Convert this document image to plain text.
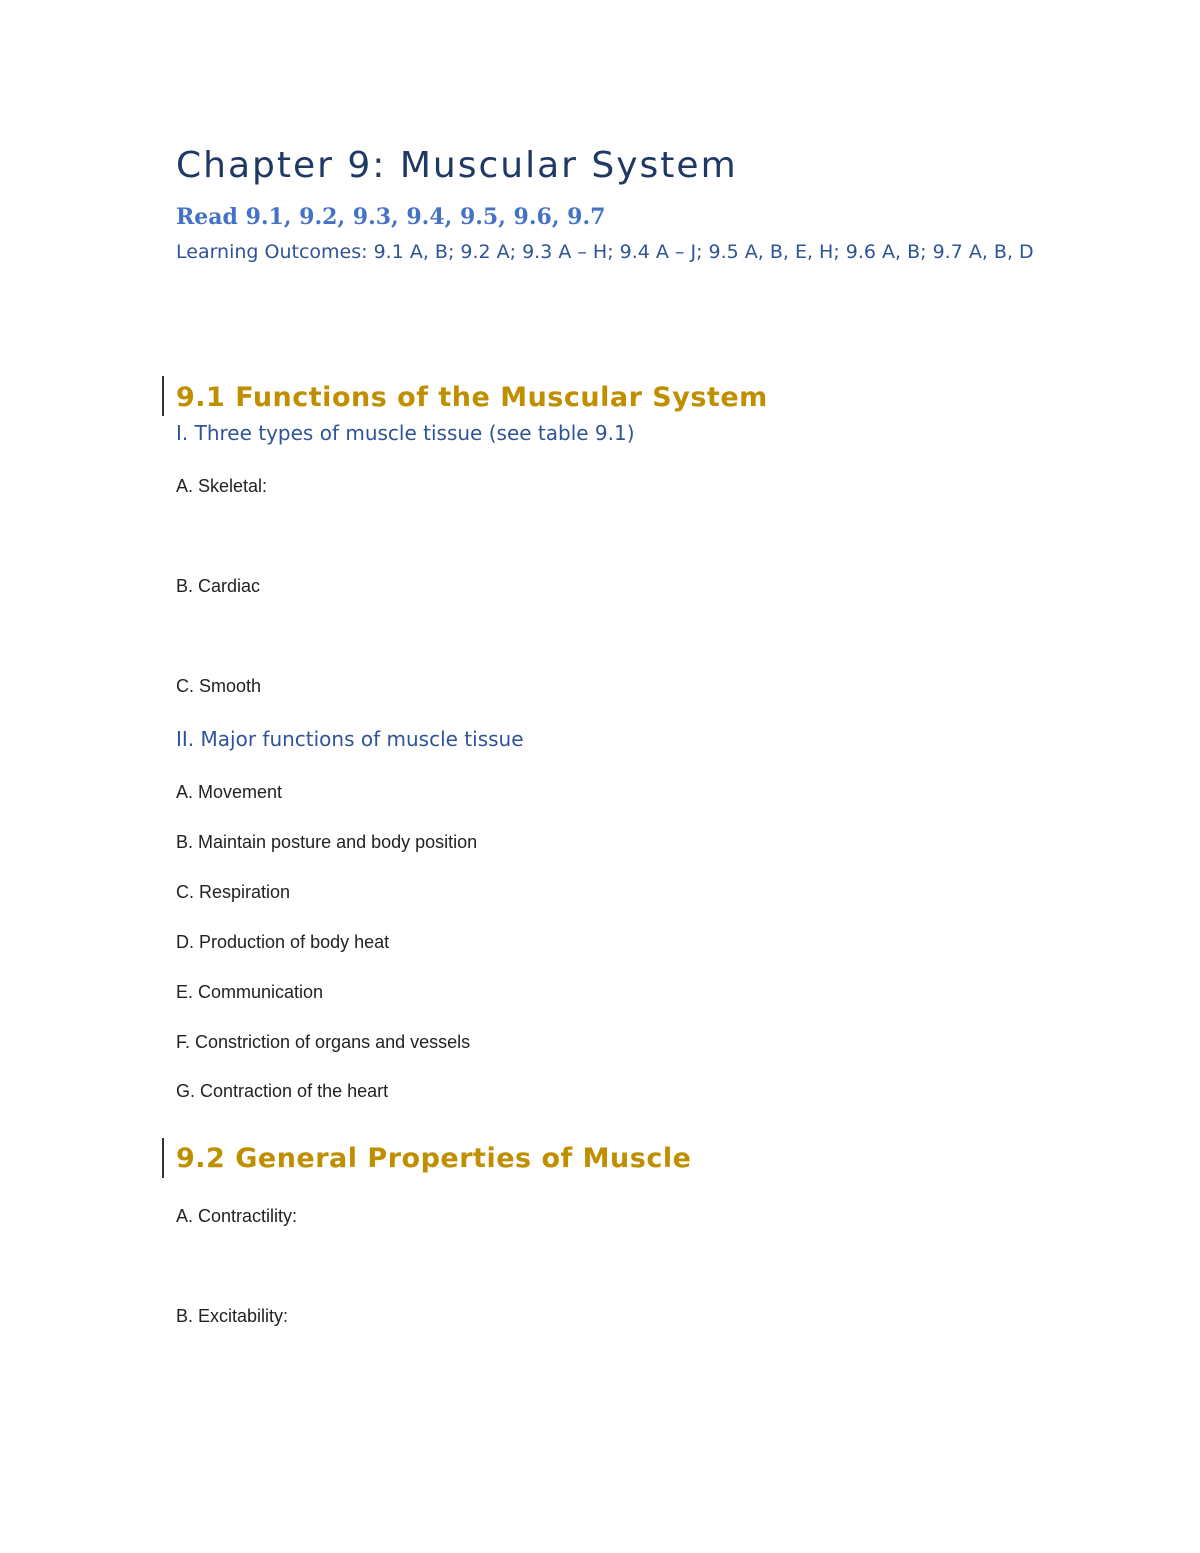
Chapter 9: Muscular System
Read 9.1, 9.2, 9.3, 9.4, 9.5, 9.6, 9.7
Learning Outcomes: 9.1 A, B; 9.2 A; 9.3 A – H; 9.4 A – J; 9.5 A, B, E, H; 9.6 A, B; 9.7 A, B, D
9.1 Functions of the Muscular System
I. Three types of muscle tissue (see table 9.1)
A. Skeletal:
B. Cardiac
C. Smooth
II. Major functions of muscle tissue
A. Movement
B. Maintain posture and body position
C. Respiration
D. Production of body heat
E. Communication
F. Constriction of organs and vessels
G. Contraction of the heart
9.2 General Properties of Muscle
A. Contractility:
B. Excitability:
